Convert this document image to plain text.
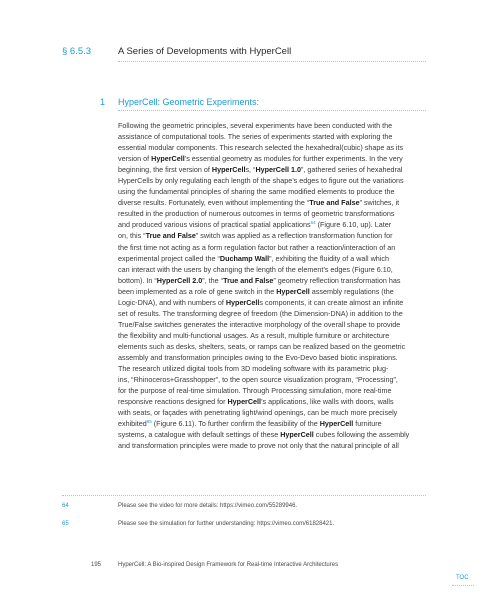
§ 6.5.3	A Series of Developments with HyperCell
1 HyperCell: Geometric Experiments:
Following the geometric principles, several experiments have been conducted with the
assistance of computational tools. The series of experiments started with exploring the
essential modular components. This research selected the hexahedral(cubic) shape as its
version of HyperCell’s essential geometry as modules for further experiments. In the very
beginning, the first version of HyperCells, “HyperCell 1.0”, gathered series of hexahedral
HyperCells by only regulating each length of the shape’s edges to figure out the variations
using the fundamental principles of sharing the same modified elements to produce the
diverse results. Fortunately, even without implementing the “True and False” switches, it
resulted in the production of numerous outcomes in terms of geometric transformations
and produced various visions of practical spatial applications$^{64}$ (Figure 6.10, up). Later
on, this “True and False” switch was applied as a reflection transformation function for
the first time not acting as a form regulation factor but rather a reaction/interaction of an
experimental project called the “Duchamp Wall”, exhibiting the fluidity of a wall which
can interact with the users by changing the length of the element’s edges (Figure 6.10,
bottom). In “HyperCell 2.0”, the “True and False” geometry reflection transformation has
been implemented as a role of gene switch in the HyperCell assembly regulations (the
Logic-DNA), and with numbers of HyperCells components, it can create almost an infinite
set of results. The transforming degree of freedom (the Dimension-DNA) in addition to the
True/False switches generates the interactive morphology of the overall shape to provide
the flexibility and multi-functional usages. As a result, multiple furniture or architecture
elements such as desks, shelters, seats, or ramps can be realized based on the geometric
assembly and transformation principles owing to the Evo-Devo based biotic inspirations.
The research utilized digital tools from 3D modeling software with its parametric plug-
ins, “Rhinoceros+Grasshopper”, to the open source visualization program, “Processing”,
for the purpose of real-time simulation. Through Processing simulation, more real-time
responsive reactions designed for HyperCell’s applications, like walls with doors, walls
with seats, or façades with penetrating light/wind openings, can be much more precisely
exhibited$^{65}$ (Figure 6.11). To further confirm the feasibility of the HyperCell furniture
systems, a catalogue with default settings of these HyperCell cubes following the assembly
and transformation principles were made to prove not only that the natural principle of all
64	Please see the video for more details: https://vimeo.com/55289946.
65	Please see the simulation for further understanding: https://vimeo.com/61828421.
195	HyperCell: A Bio-inspired Design Framework for Real-time Interactive Architectures
TOC
